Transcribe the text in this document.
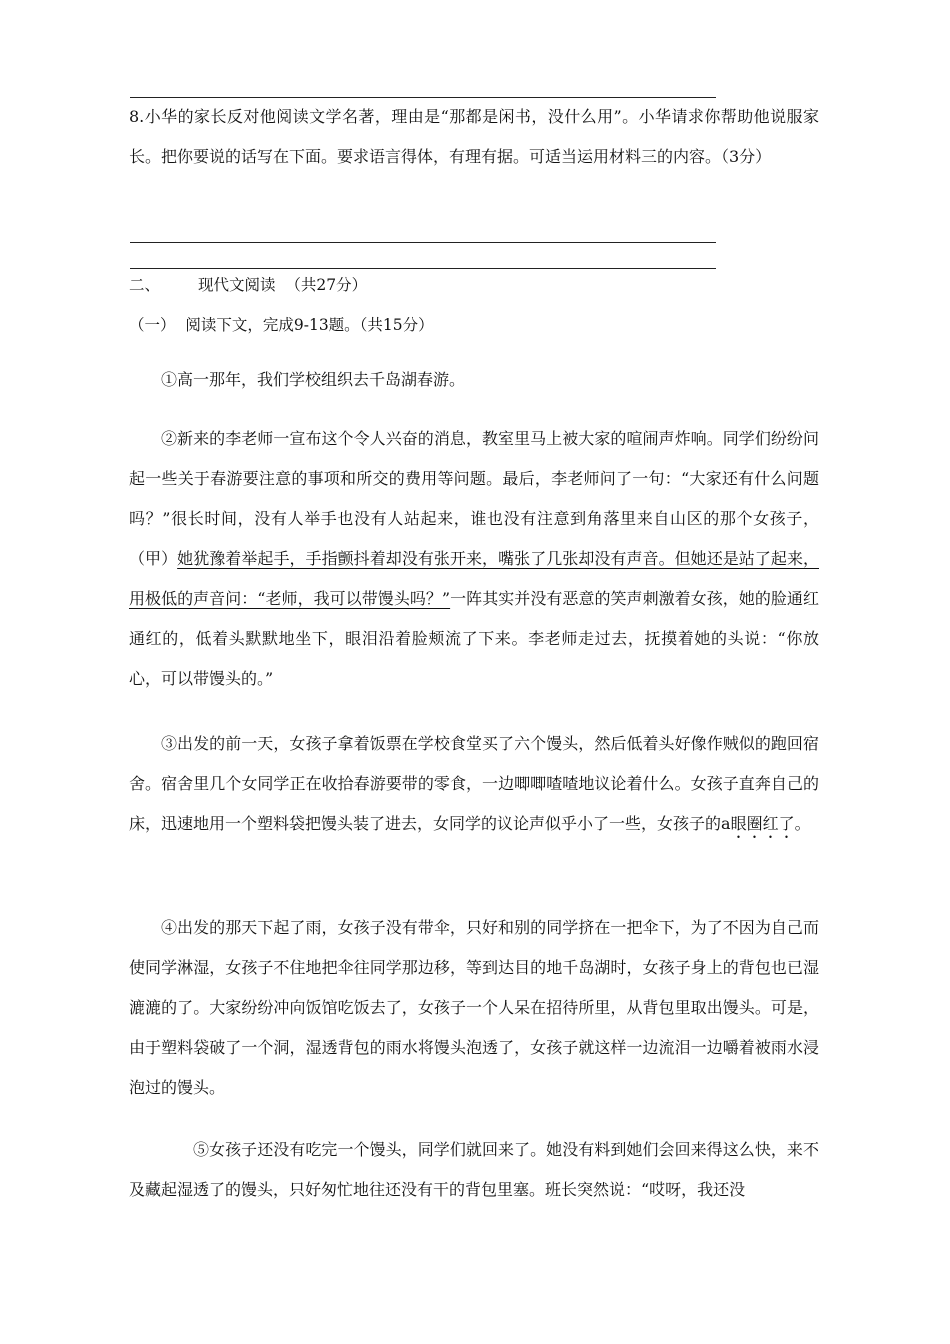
8.小华的家长反对他阅读文学名著，理由是“那都是闲书，没什么用”。小华请求你帮助他说服家长。把你要说的话写在下面。要求语言得体，有理有据。可适当运用材料三的内容。（3分）
二、 现代文阅读  （共27分）
（一）  阅读下文，完成9-13题。（共15分）
①高一那年，我们学校组织去千岛湖春游。
②新来的李老师一宣布这个令人兴奋的消息，教室里马上被大家的喧闹声炸响。同学们纷纷问起一些关于春游要注意的事项和所交的费用等问题。最后，李老师问了一句：“大家还有什么问题吗？”很长时间，没有人举手也没有人站起来，谁也没有注意到角落里来自山区的那个女孩子，（甲）她犹豫着举起手，手指颤抖着却没有张开来，嘴张了几张却没有声音。但她还是站了起来，用极低的声音问：“老师，我可以带馒头吗？”一阵其实并没有恶意的笑声刺激着女孩，她的脸通红通红的，低着头默默地坐下，眼泪沿着脸颊流了下来。李老师走过去，抚摸着她的头说：“你放心，可以带馒头的。”
③出发的前一天，女孩子拿着饭票在学校食堂买了六个馒头，然后低着头好像作贼似的跑回宿舍。宿舍里几个女同学正在收拾春游要带的零食，一边唧唧喳喳地议论着什么。女孩子直奔自己的床，迅速地用一个塑料袋把馒头装了进去，女同学的议论声似乎小了一些，女孩子的a眼圈红了。
④出发的那天下起了雨，女孩子没有带伞，只好和别的同学挤在一把伞下，为了不因为自己而使同学淋湿，女孩子不住地把伞往同学那边移，等到达目的地千岛湖时，女孩子身上的背包也已湿漉漉的了。大家纷纷冲向饭馆吃饭去了，女孩子一个人呆在招待所里，从背包里取出馒头。可是，由于塑料袋破了一个洞，湿透背包的雨水将馒头泡透了，女孩子就这样一边流泪一边嚼着被雨水浸泡过的馒头。
⑤女孩子还没有吃完一个馒头，同学们就回来了。她没有料到她们会回来得这么快，来不及藏起湿透了的馒头，只好匆忙地往还没有干的背包里塞。班长突然说：“哎呀，我还没
